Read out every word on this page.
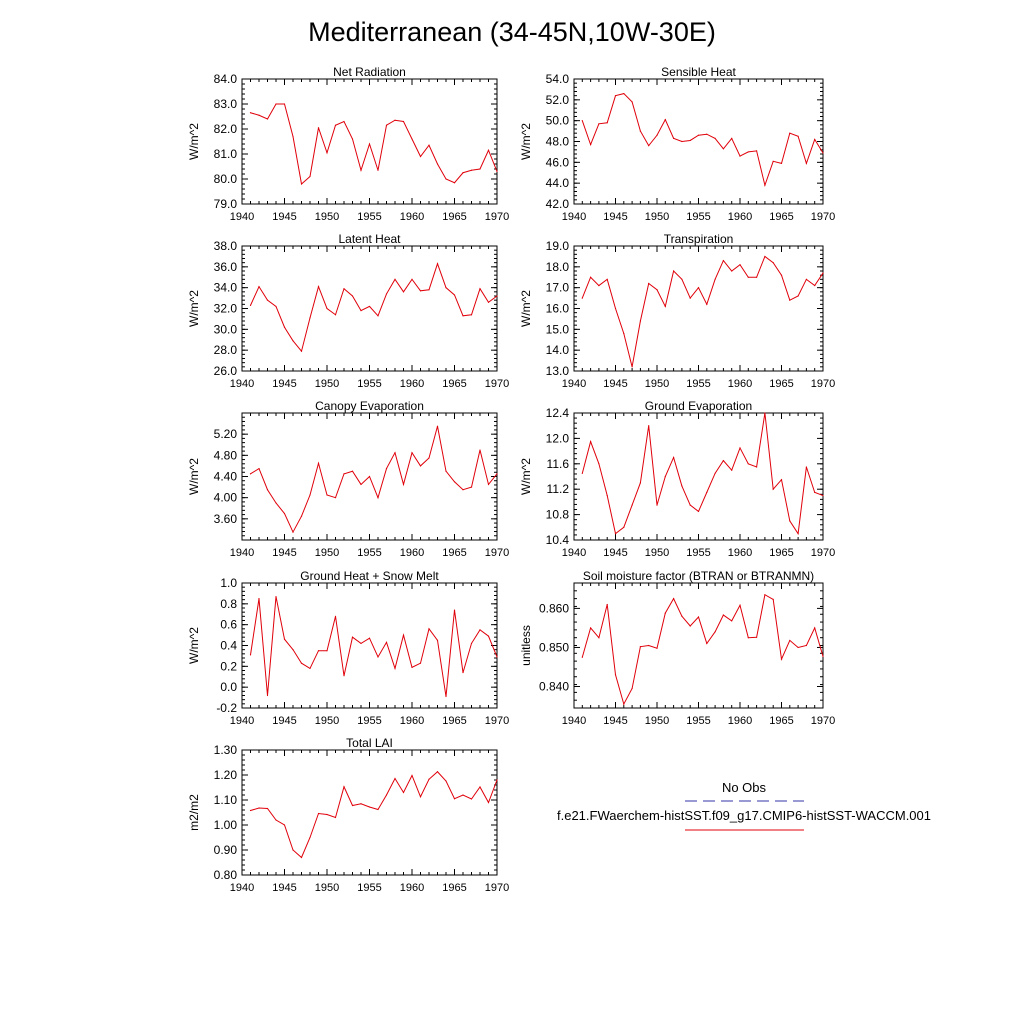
Mediterranean (34-45N,10W-30E)
Net Radiation
W/m^2
79.0
80.0
81.0
82.0
83.0
84.0
1940 1945 1950 1955 1960 1965 1970
Sensible Heat
W/m^2
42.0
44.0
46.0
48.0
50.0
52.0
54.0
1940 1945 1950 1955 1960 1965 1970
Latent Heat
W/m^2
26.0
28.0
30.0
32.0
34.0
36.0
38.0
1940 1945 1950 1955 1960 1965 1970
Transpiration
W/m^2
13.0
14.0
15.0
16.0
17.0
18.0
19.0
1940 1945 1950 1955 1960 1965 1970
Canopy Evaporation
W/m^2
3.60
4.00
4.40
4.80
5.20
1940 1945 1950 1955 1960 1965 1970
Ground Evaporation
W/m^2
10.4
10.8
11.2
11.6
12.0
12.4
1940 1945 1950 1955 1960 1965 1970
Ground Heat + Snow Melt
W/m^2
-0.2
0.0
0.2
0.4
0.6
0.8
1.0
1940 1945 1950 1955 1960 1965 1970
Soil moisture factor (BTRAN or BTRANMN)
unitless
0.840
0.850
0.860
1940 1945 1950 1955 1960 1965 1970
Total LAI
m2/m2
0.80
0.90
1.00
1.10
1.20
1.30
1940 1945 1950 1955 1960 1965 1970
No Obs
f.e21.FWaerchem-histSST.f09_g17.CMIP6-histSST-WACCM.001
